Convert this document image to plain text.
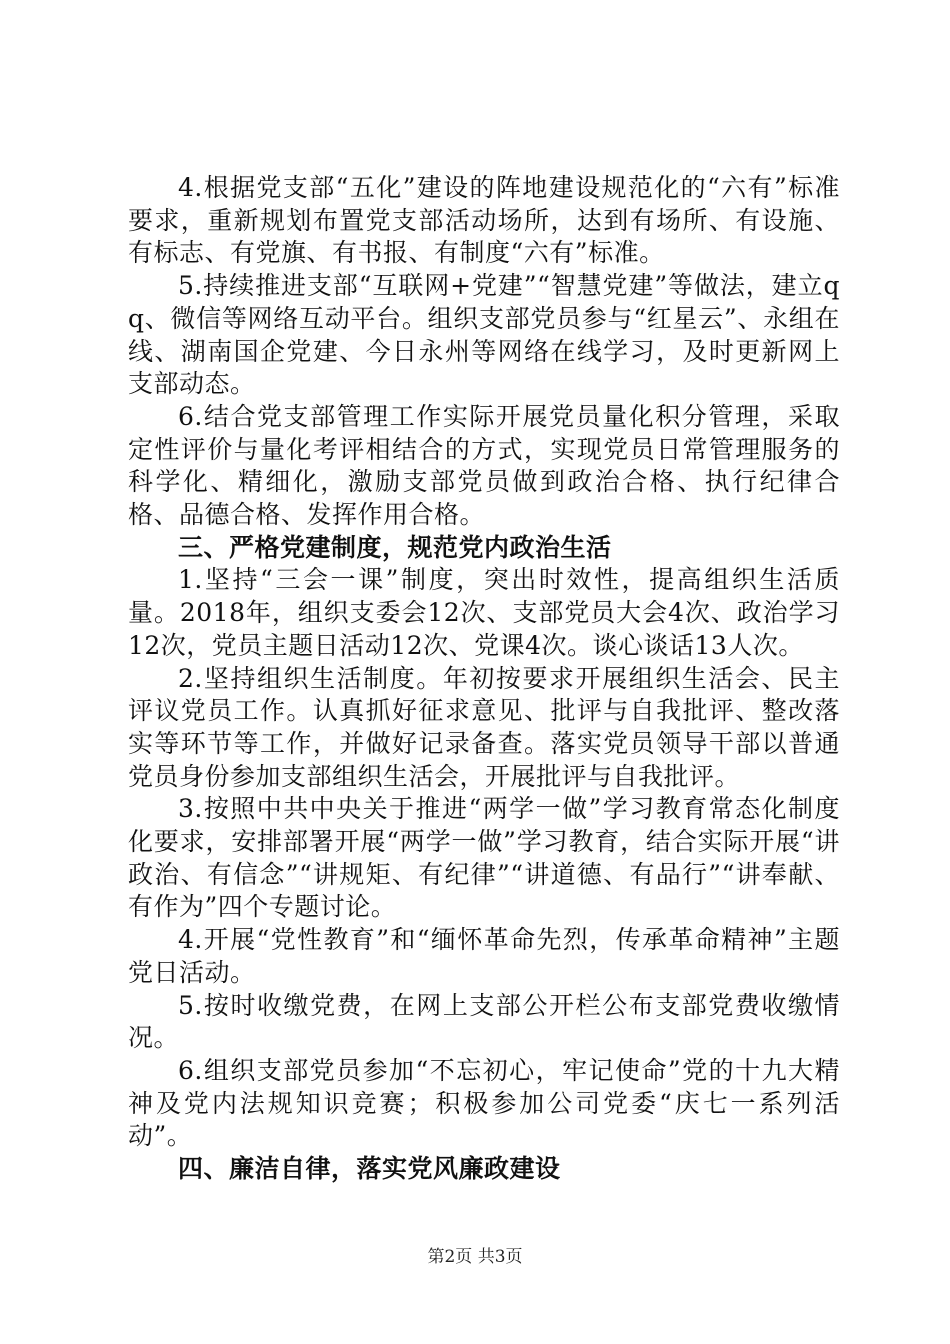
4.根据党支部“五化”建设的阵地建设规范化的“六有”标准要求，重新规划布置党支部活动场所，达到有场所、有设施、有标志、有党旗、有书报、有制度“六有”标准。

5.持续推进支部“互联网+党建”“智慧党建”等做法，建立qq、微信等网络互动平台。组织支部党员参与“红星云”、永组在线、湖南国企党建、今日永州等网络在线学习，及时更新网上支部动态。

6.结合党支部管理工作实际开展党员量化积分管理，采取定性评价与量化考评相结合的方式，实现党员日常管理服务的科学化、精细化，激励支部党员做到政治合格、执行纪律合格、品德合格、发挥作用合格。

三、严格党建制度，规范党内政治生活

1.坚持“三会一课”制度，突出时效性，提高组织生活质量。2018年，组织支委会12次、支部党员大会4次、政治学习12次，党员主题日活动12次、党课4次。谈心谈话13人次。

2.坚持组织生活制度。年初按要求开展组织生活会、民主评议党员工作。认真抓好征求意见、批评与自我批评、整改落实等环节等工作，并做好记录备查。落实党员领导干部以普通党员身份参加支部组织生活会，开展批评与自我批评。

3.按照中共中央关于推进“两学一做”学习教育常态化制度化要求，安排部署开展“两学一做”学习教育，结合实际开展“讲政治、有信念”“讲规矩、有纪律”“讲道德、有品行”“讲奉献、有作为”四个专题讨论。

4.开展“党性教育”和“缅怀革命先烈，传承革命精神”主题党日活动。

5.按时收缴党费，在网上支部公开栏公布支部党费收缴情况。

6.组织支部党员参加“不忘初心，牢记使命”党的十九大精神及党内法规知识竞赛；积极参加公司党委“庆七一系列活动”。

四、廉洁自律，落实党风廉政建设
第2页 共3页
